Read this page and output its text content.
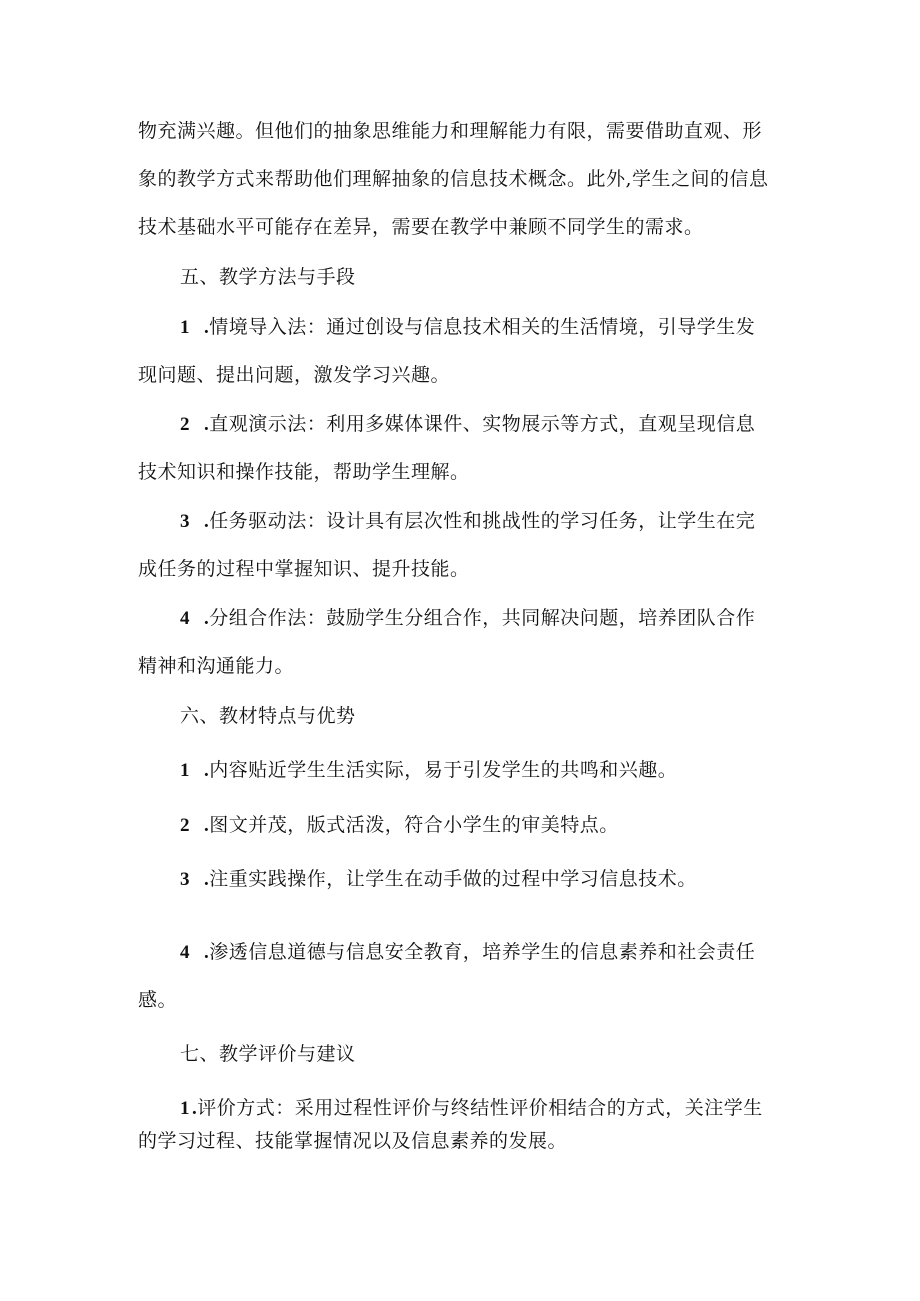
物充满兴趣。但他们的抽象思维能力和理解能力有限，需要借助直观、形
象的教学方式来帮助他们理解抽象的信息技术概念。此外,学生之间的信息
技术基础水平可能存在差异，需要在教学中兼顾不同学生的需求。
五、教学方法与手段
1 .情境导入法：通过创设与信息技术相关的生活情境，引导学生发
现问题、提出问题，激发学习兴趣。
2 .直观演示法：利用多媒体课件、实物展示等方式，直观呈现信息
技术知识和操作技能，帮助学生理解。
3 .任务驱动法：设计具有层次性和挑战性的学习任务，让学生在完
成任务的过程中掌握知识、提升技能。
4 .分组合作法：鼓励学生分组合作，共同解决问题，培养团队合作
精神和沟通能力。
六、教材特点与优势
1 .内容贴近学生生活实际，易于引发学生的共鸣和兴趣。
2 .图文并茂，版式活泼，符合小学生的审美特点。
3 .注重实践操作，让学生在动手做的过程中学习信息技术。
4 .渗透信息道德与信息安全教育，培养学生的信息素养和社会责任
感。
七、教学评价与建议
1 .评价方式：采用过程性评价与终结性评价相结合的方式，关注学生
的学习过程、技能掌握情况以及信息素养的发展。
